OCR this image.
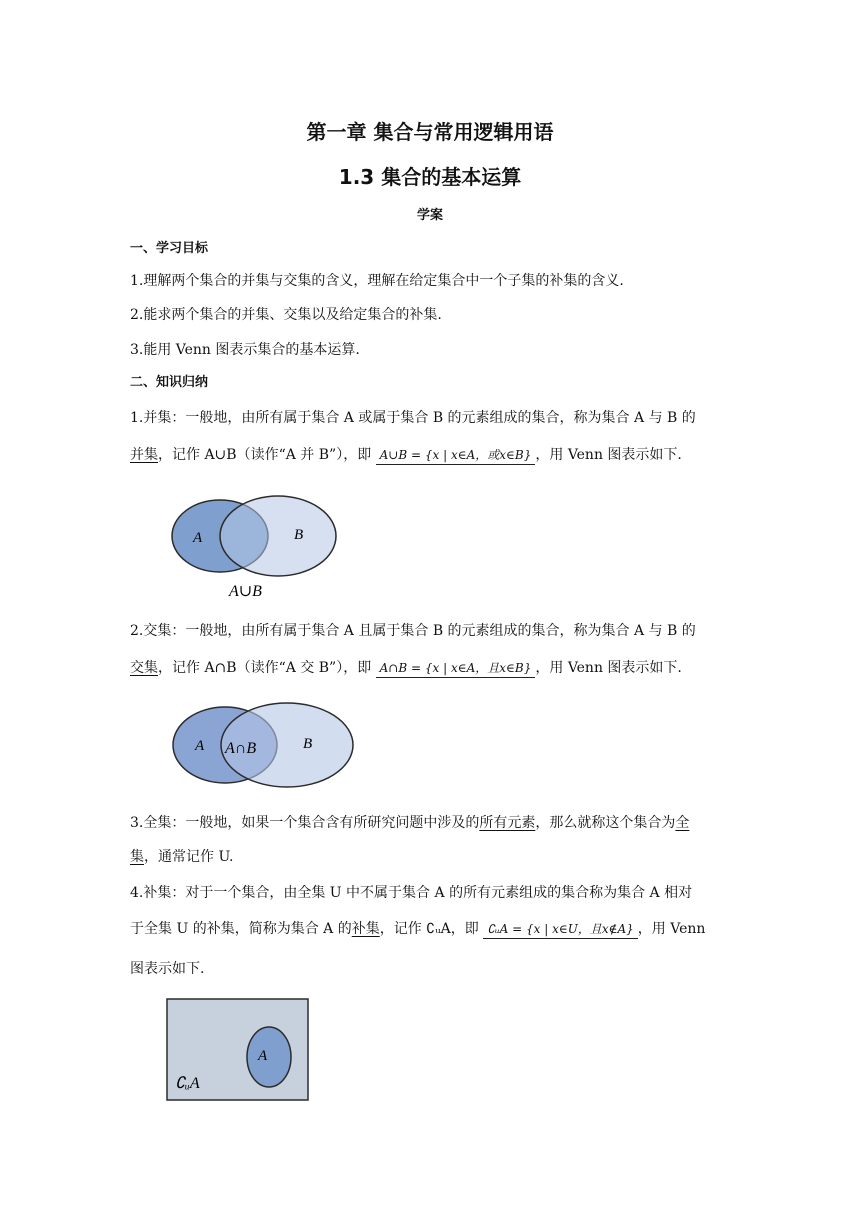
第一章 集合与常用逻辑用语
1.3 集合的基本运算
学案
一、学习目标
1.理解两个集合的并集与交集的含义，理解在给定集合中一个子集的补集的含义.
2.能求两个集合的并集、交集以及给定集合的补集.
3.能用 Venn 图表示集合的基本运算.
二、知识归纳
1.并集：一般地，由所有属于集合 A 或属于集合 B 的元素组成的集合，称为集合 A 与 B 的
并集，记作 A∪B（读作“A 并 B”），即 A∪B = {x | x∈A，或x∈B} ，用 Venn 图表示如下.
A	B
A∪B
2.交集：一般地，由所有属于集合 A 且属于集合 B 的元素组成的集合，称为集合 A 与 B 的
交集，记作 A∩B（读作“A 交 B”），即 A∩B = {x | x∈A，且x∈B} ，用 Venn 图表示如下.
A A∩B	B
3.全集：一般地，如果一个集合含有所研究问题中涉及的所有元素，那么就称这个集合为全
集，通常记作 U.
4.补集：对于一个集合，由全集 U 中不属于集合 A 的所有元素组成的集合称为集合 A 相对
于全集 U 的补集，简称为集合 A 的补集，记作 ∁ᵤA，即 ∁ᵤA = {x | x∈U，且x∉A} ，用 Venn
图表示如下.
A
∁ᵤA
